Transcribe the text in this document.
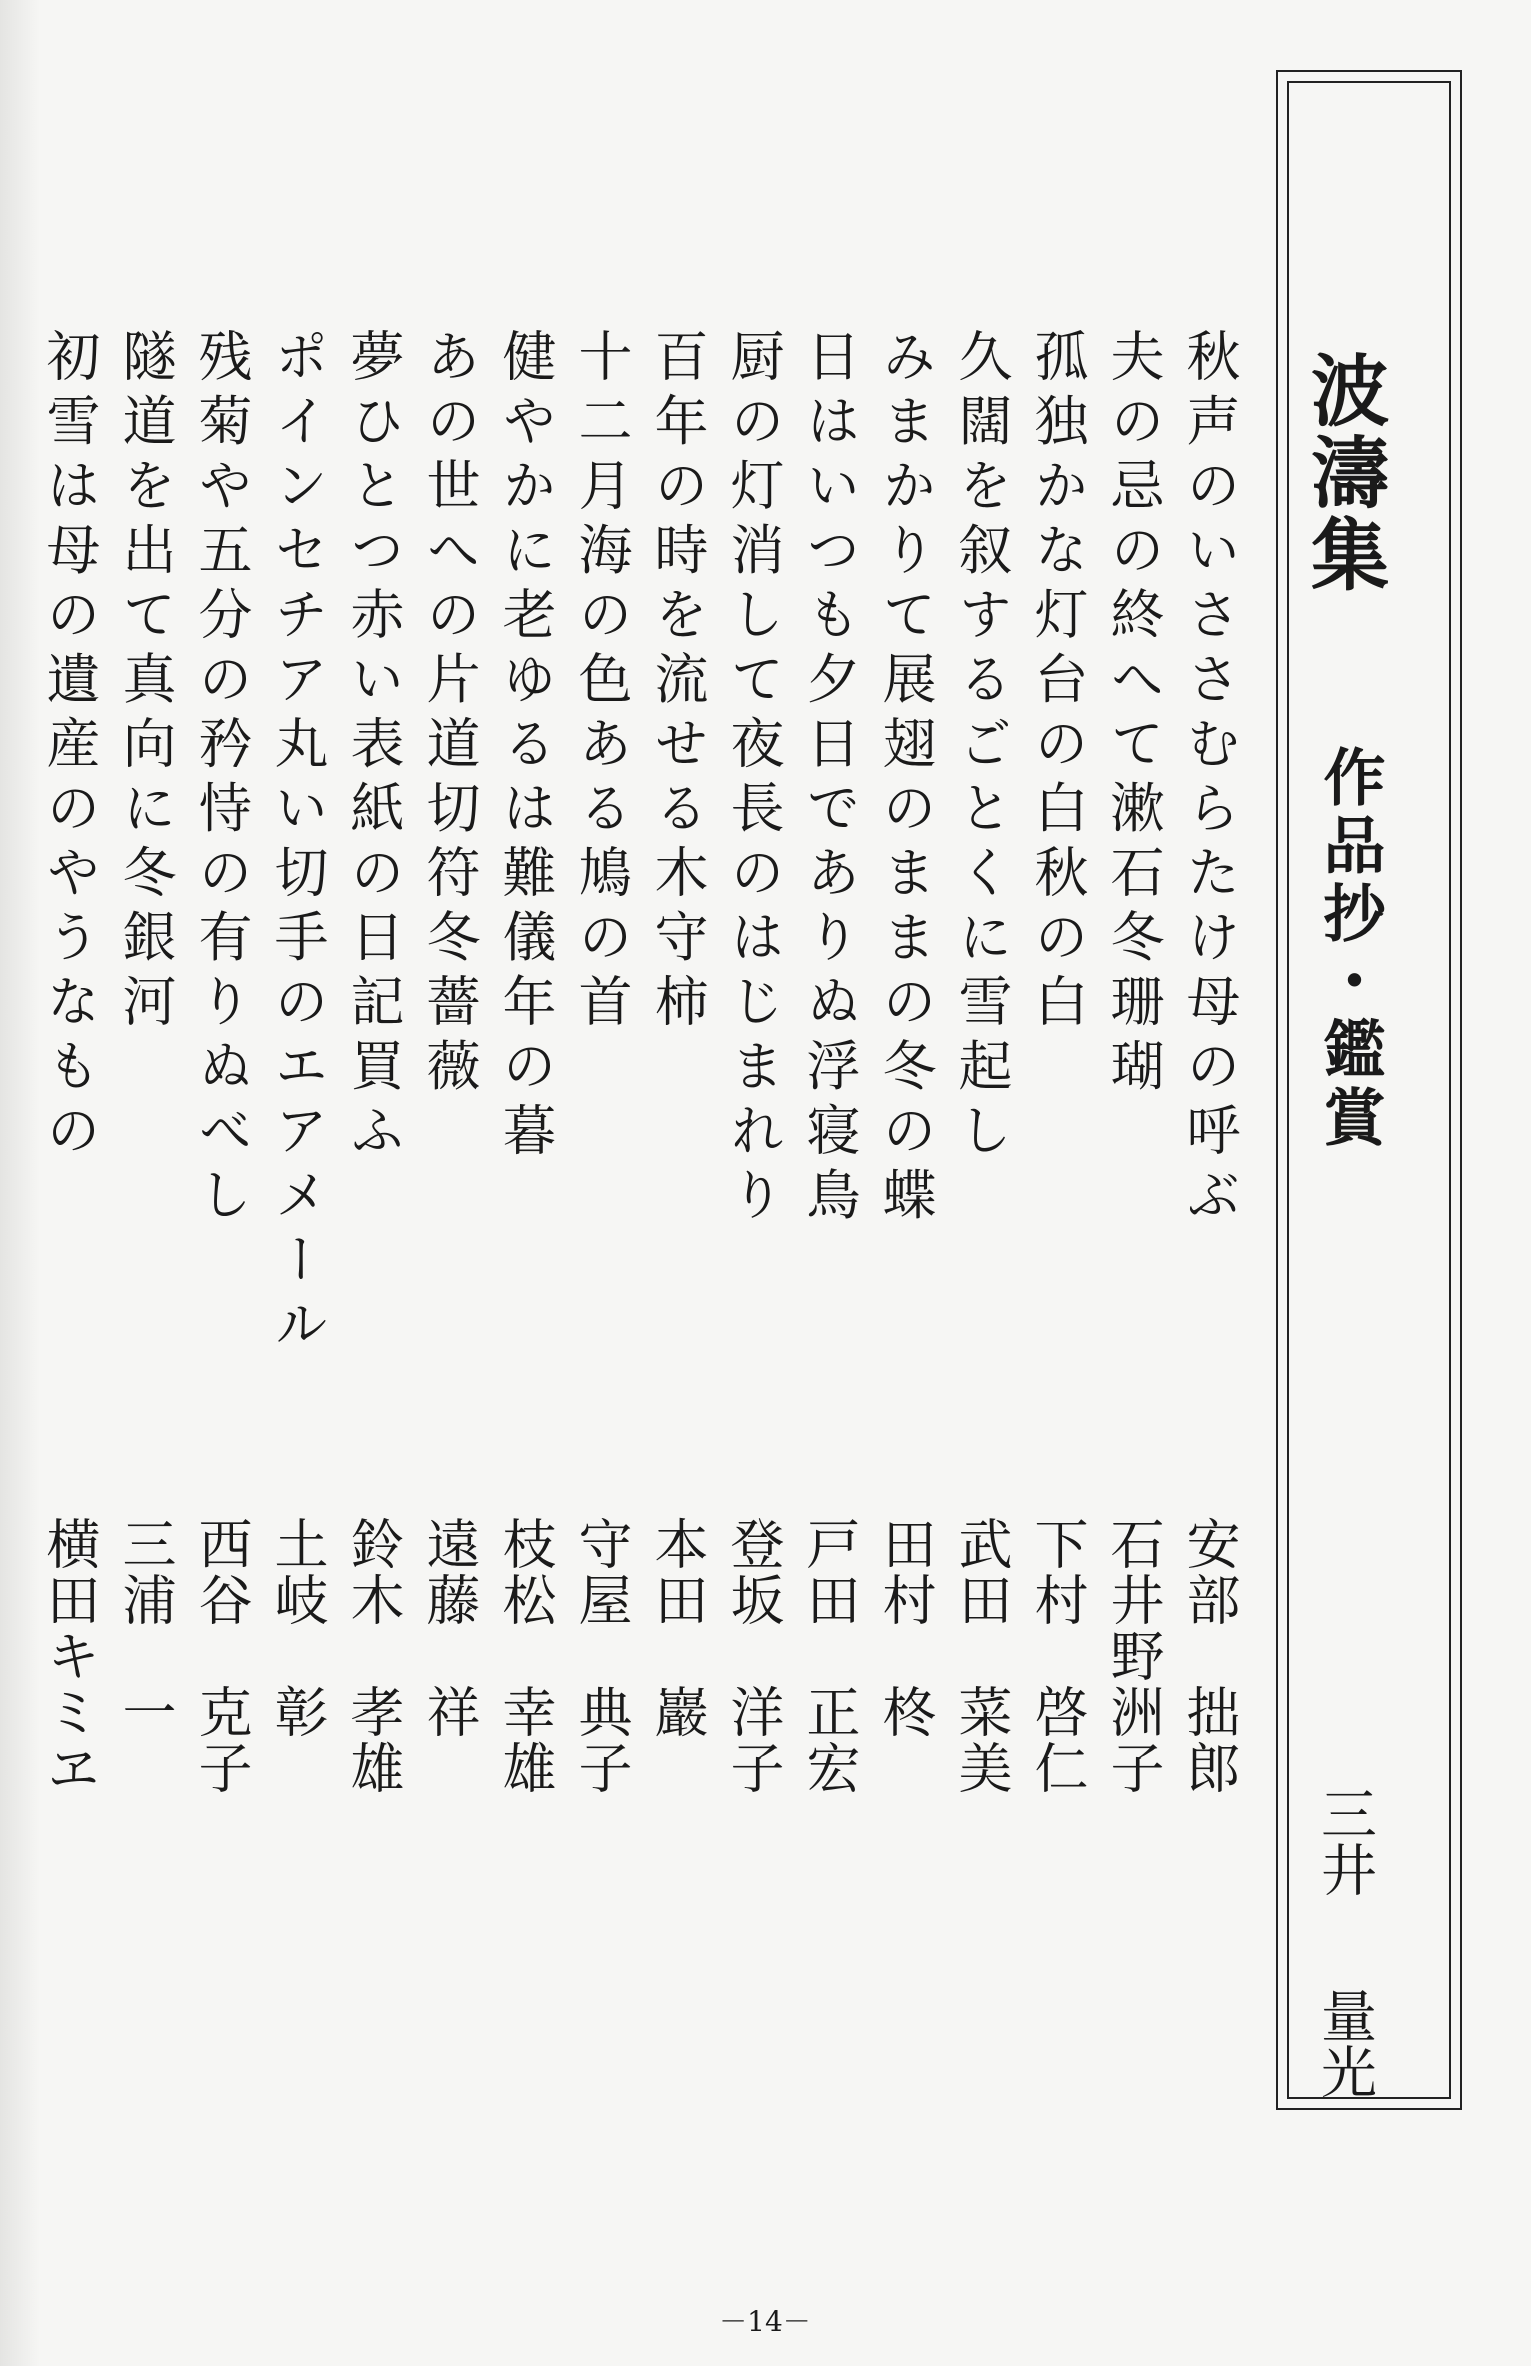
波濤集
作品抄・鑑賞
三井量光
秋声のいささむらたけ母の呼ぶ
安部　拙郎
夫の忌の終へて漱石冬珊瑚
石井野洲子
孤独かな灯台の白秋の白
下村　啓仁
久闊を叙するごとくに雪起し
武田　菜美
みまかりて展翅のままの冬の蝶
田村　柊
日はいつも夕日でありぬ浮寝鳥
戸田　正宏
厨の灯消して夜長のはじまれり
登坂　洋子
百年の時を流せる木守柿
本田　巖
十二月海の色ある鳩の首
守屋　典子
健やかに老ゆるは難儀年の暮
枝松　幸雄
あの世への片道切符冬薔薇
遠藤　祥
夢ひとつ赤い表紙の日記買ふ
鈴木　孝雄
ポインセチア丸い切手のエアメール
土岐　彰
残菊や五分の矜恃の有りぬべし
西谷　克子
隧道を出て真向に冬銀河
三浦　一
初雪は母の遺産のやうなもの
横田キミヱ
－14－
